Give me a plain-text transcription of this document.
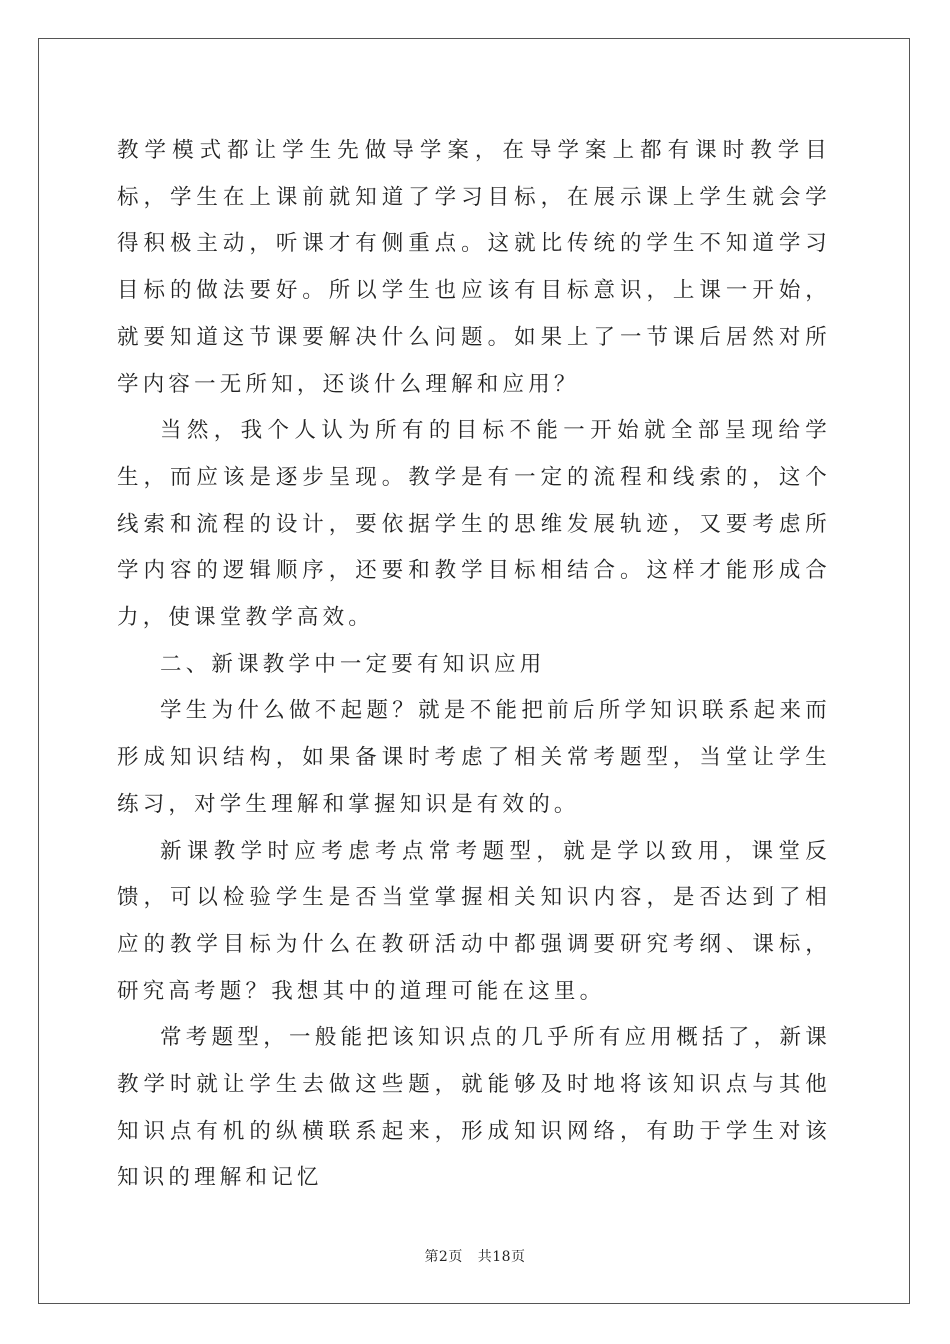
教学模式都让学生先做导学案，在导学案上都有课时教学目标，学生在上课前就知道了学习目标，在展示课上学生就会学得积极主动，听课才有侧重点。这就比传统的学生不知道学习目标的做法要好。所以学生也应该有目标意识，上课一开始，就要知道这节课要解决什么问题。如果上了一节课后居然对所学内容一无所知，还谈什么理解和应用？

当然，我个人认为所有的目标不能一开始就全部呈现给学生，而应该是逐步呈现。教学是有一定的流程和线索的，这个线索和流程的设计，要依据学生的思维发展轨迹，又要考虑所学内容的逻辑顺序，还要和教学目标相结合。这样才能形成合力，使课堂教学高效。

二、新课教学中一定要有知识应用

学生为什么做不起题？就是不能把前后所学知识联系起来而形成知识结构，如果备课时考虑了相关常考题型，当堂让学生练习，对学生理解和掌握知识是有效的。

新课教学时应考虑考点常考题型，就是学以致用，课堂反馈，可以检验学生是否当堂掌握相关知识内容，是否达到了相应的教学目标为什么在教研活动中都强调要研究考纲、课标，研究高考题？我想其中的道理可能在这里。

常考题型，一般能把该知识点的几乎所有应用概括了，新课教学时就让学生去做这些题，就能够及时地将该知识点与其他知识点有机的纵横联系起来，形成知识网络，有助于学生对该知识的理解和记忆

第2页 共18页
